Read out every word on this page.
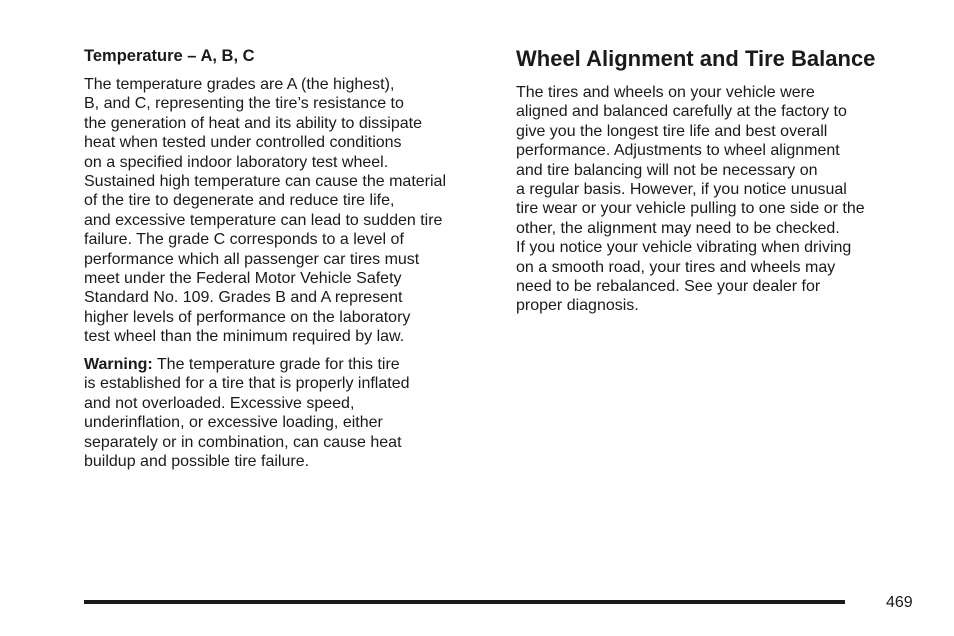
Temperature – A, B, C
The temperature grades are A (the highest),
B, and C, representing the tire’s resistance to
the generation of heat and its ability to dissipate
heat when tested under controlled conditions
on a specified indoor laboratory test wheel.
Sustained high temperature can cause the material
of the tire to degenerate and reduce tire life,
and excessive temperature can lead to sudden tire
failure. The grade C corresponds to a level of
performance which all passenger car tires must
meet under the Federal Motor Vehicle Safety
Standard No. 109. Grades B and A represent
higher levels of performance on the laboratory
test wheel than the minimum required by law.
Warning: The temperature grade for this tire
is established for a tire that is properly inflated
and not overloaded. Excessive speed,
underinflation, or excessive loading, either
separately or in combination, can cause heat
buildup and possible tire failure.
Wheel Alignment and Tire Balance
The tires and wheels on your vehicle were
aligned and balanced carefully at the factory to
give you the longest tire life and best overall
performance. Adjustments to wheel alignment
and tire balancing will not be necessary on
a regular basis. However, if you notice unusual
tire wear or your vehicle pulling to one side or the
other, the alignment may need to be checked.
If you notice your vehicle vibrating when driving
on a smooth road, your tires and wheels may
need to be rebalanced. See your dealer for
proper diagnosis.
469
